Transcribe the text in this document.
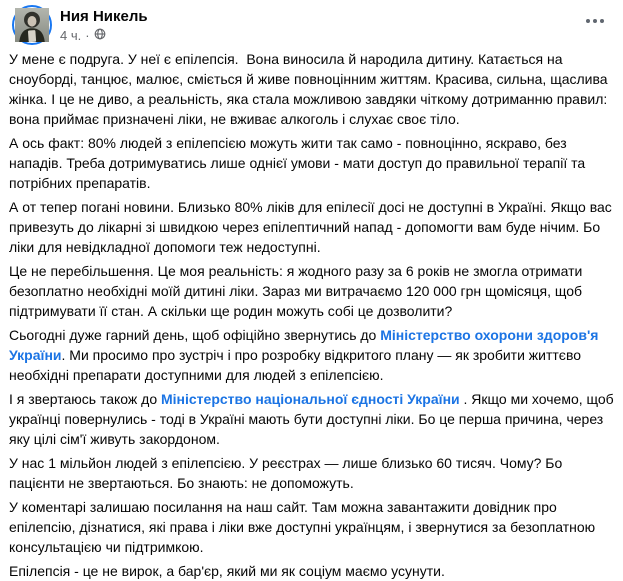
Ния Никель
4 ч. ·

У мене є подруга. У неї є епілепсія.  Вона виносила й народила дитину. Катається на сноуборді, танцює, малює, сміється й живе повноцінним життям. Красива, сильна, щаслива жінка. І це не диво, а реальність, яка стала можливою завдяки чіткому дотриманню правил: вона приймає призначені ліки, не вживає алкоголь і слухає своє тіло.

А ось факт: 80% людей з епілепсією можуть жити так само - повноцінно, яскраво, без нападів. Треба дотримуватись лише однієї умови - мати доступ до правильної терапії та потрібних препаратів.

А от тепер погані новини. Близько 80% ліків для епілесії досі не доступні в Україні. Якщо вас привезуть до лікарні зі швидкою через епілептичний напад - допомогти вам буде нічим. Бо ліки для невідкладної допомоги теж недоступні.

Це не перебільшення. Це моя реальність: я жодного разу за 6 років не змогла отримати безоплатно необхідні моїй дитині ліки. Зараз ми витрачаємо 120 000 грн щомісяця, щоб підтримувати її стан. А скільки ще родин можуть собі це дозволити?

Сьогодні дуже гарний день, щоб офіційно звернутись до Міністерство охорони здоров'я України. Ми просимо про зустріч і про розробку відкритого плану — як зробити життєво необхідні препарати доступними для людей з епілепсією.

І я звертаюсь також до Міністерство національної єдності України . Якщо ми хочемо, щоб українці повернулись - тоді в Україні мають бути доступні ліки. Бо це перша причина, через яку цілі сім'ї живуть закордоном.

У нас 1 мільйон людей з епілепсією. У реєстрах — лише близько 60 тисяч. Чому? Бо пацієнти не звертаються. Бо знають: не допоможуть.

У коментарі залишаю посилання на наш сайт. Там можна завантажити довідник про епілепсію, дізнатися, які права і ліки вже доступні українцям, і звернутися за безоплатною консультацією чи підтримкою.

Епілепсія - це не вирок, а бар'єр, який ми як соціум маємо усунути.
